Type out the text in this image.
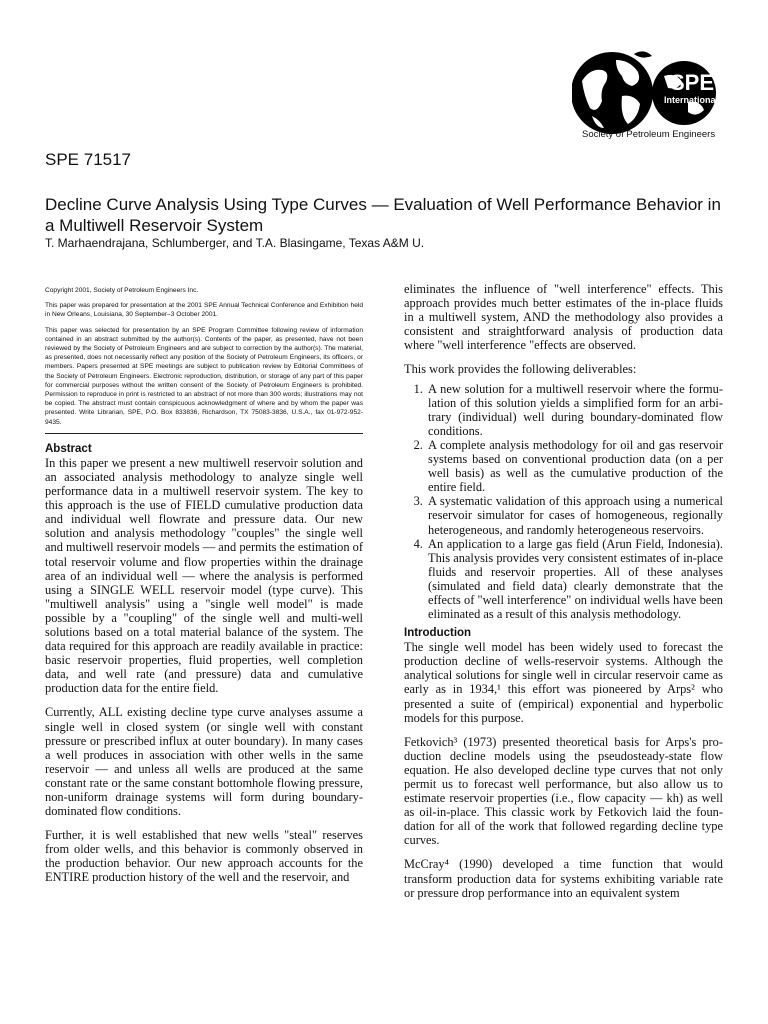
SPE
International
Society of Petroleum Engineers
SPE 71517
Decline Curve Analysis Using Type Curves — Evaluation of Well Performance Behavior in a Multiwell Reservoir System
T. Marhaendrajana, Schlumberger, and T.A. Blasingame, Texas A&M U.

Copyright 2001, Society of Petroleum Engineers Inc.

This paper was prepared for presentation at the 2001 SPE Annual Technical Conference and Exhibition held in New Orleans, Louisiana, 30 September–3 October 2001.

This paper was selected for presentation by an SPE Program Committee following review of information contained in an abstract submitted by the author(s). Contents of the paper, as presented, have not been reviewed by the Society of Petroleum Engineers and are subject to correction by the author(s). The material, as presented, does not necessarily reflect any position of the Society of Petroleum Engineers, its officers, or members. Papers presented at SPE meetings are subject to publication review by Editorial Committees of the Society of Petroleum Engineers. Electronic reproduction, distribution, or storage of any part of this paper for commercial purposes without the written consent of the Society of Petroleum Engineers is prohibited. Permission to reproduce in print is restricted to an abstract of not more than 300 words; illustrations may not be copied. The abstract must contain conspicuous acknowledgment of where and by whom the paper was presented. Write Librarian, SPE, P.O. Box 833836, Richardson, TX 75083-3836, U.S.A., fax 01-972-952-9435.

Abstract

In this paper we present a new multiwell reservoir solution and an associated analysis methodology to analyze single well performance data in a multiwell reservoir system. The key to this approach is the use of FIELD cumulative production data and individual well flowrate and pressure data. Our new solution and analysis methodology "couples" the single well and multiwell reservoir models — and permits the estimation of total reservoir volume and flow properties within the drainage area of an individual well — where the analysis is performed using a SINGLE WELL reservoir model (type curve). This "multiwell analysis" using a "single well model" is made possible by a "coupling" of the single well and multi-well solutions based on a total material balance of the system. The data required for this approach are readily available in practice: basic reservoir properties, fluid properties, well completion data, and well rate (and pressure) data and cumulative production data for the entire field.

Currently, ALL existing decline type curve analyses assume a single well in closed system (or single well with constant pressure or prescribed influx at outer boundary). In many cases a well produces in association with other wells in the same reservoir — and unless all wells are produced at the same constant rate or the same constant bottomhole flowing pressure, non-uniform drainage systems will form during boundary-dominated flow conditions.

Further, it is well established that new wells "steal" reserves from older wells, and this behavior is commonly observed in the production behavior. Our new approach accounts for the ENTIRE production history of the well and the reservoir, and

eliminates the influence of "well interference" effects. This approach provides much better estimates of the in-place fluids in a multiwell system, AND the methodology also provides a consistent and straightforward analysis of production data where "well interference "effects are observed.

This work provides the following deliverables:

1. A new solution for a multiwell reservoir where the formu-lation of this solution yields a simplified form for an arbi-trary (individual) well during boundary-dominated flow conditions.
2. A complete analysis methodology for oil and gas reservoir systems based on conventional production data (on a per well basis) as well as the cumulative production of the entire field.
3. A systematic validation of this approach using a numerical reservoir simulator for cases of homogeneous, regionally heterogeneous, and randomly heterogeneous reservoirs.
4. An application to a large gas field (Arun Field, Indonesia). This analysis provides very consistent estimates of in-place fluids and reservoir properties. All of these analyses (simulated and field data) clearly demonstrate that the effects of "well interference" on individual wells have been eliminated as a result of this analysis methodology.
Introduction

The single well model has been widely used to forecast the production decline of wells-reservoir systems. Although the analytical solutions for single well in circular reservoir came as early as in 1934,¹ this effort was pioneered by Arps² who presented a suite of (empirical) exponential and hyperbolic models for this purpose.

Fetkovich³ (1973) presented theoretical basis for Arps's pro-duction decline models using the pseudosteady-state flow equation. He also developed decline type curves that not only permit us to forecast well performance, but also allow us to estimate reservoir properties (i.e., flow capacity — kh) as well as oil-in-place. This classic work by Fetkovich laid the foun-dation for all of the work that followed regarding decline type curves.

McCray⁴ (1990) developed a time function that would transform production data for systems exhibiting variable rate or pressure drop performance into an equivalent system
